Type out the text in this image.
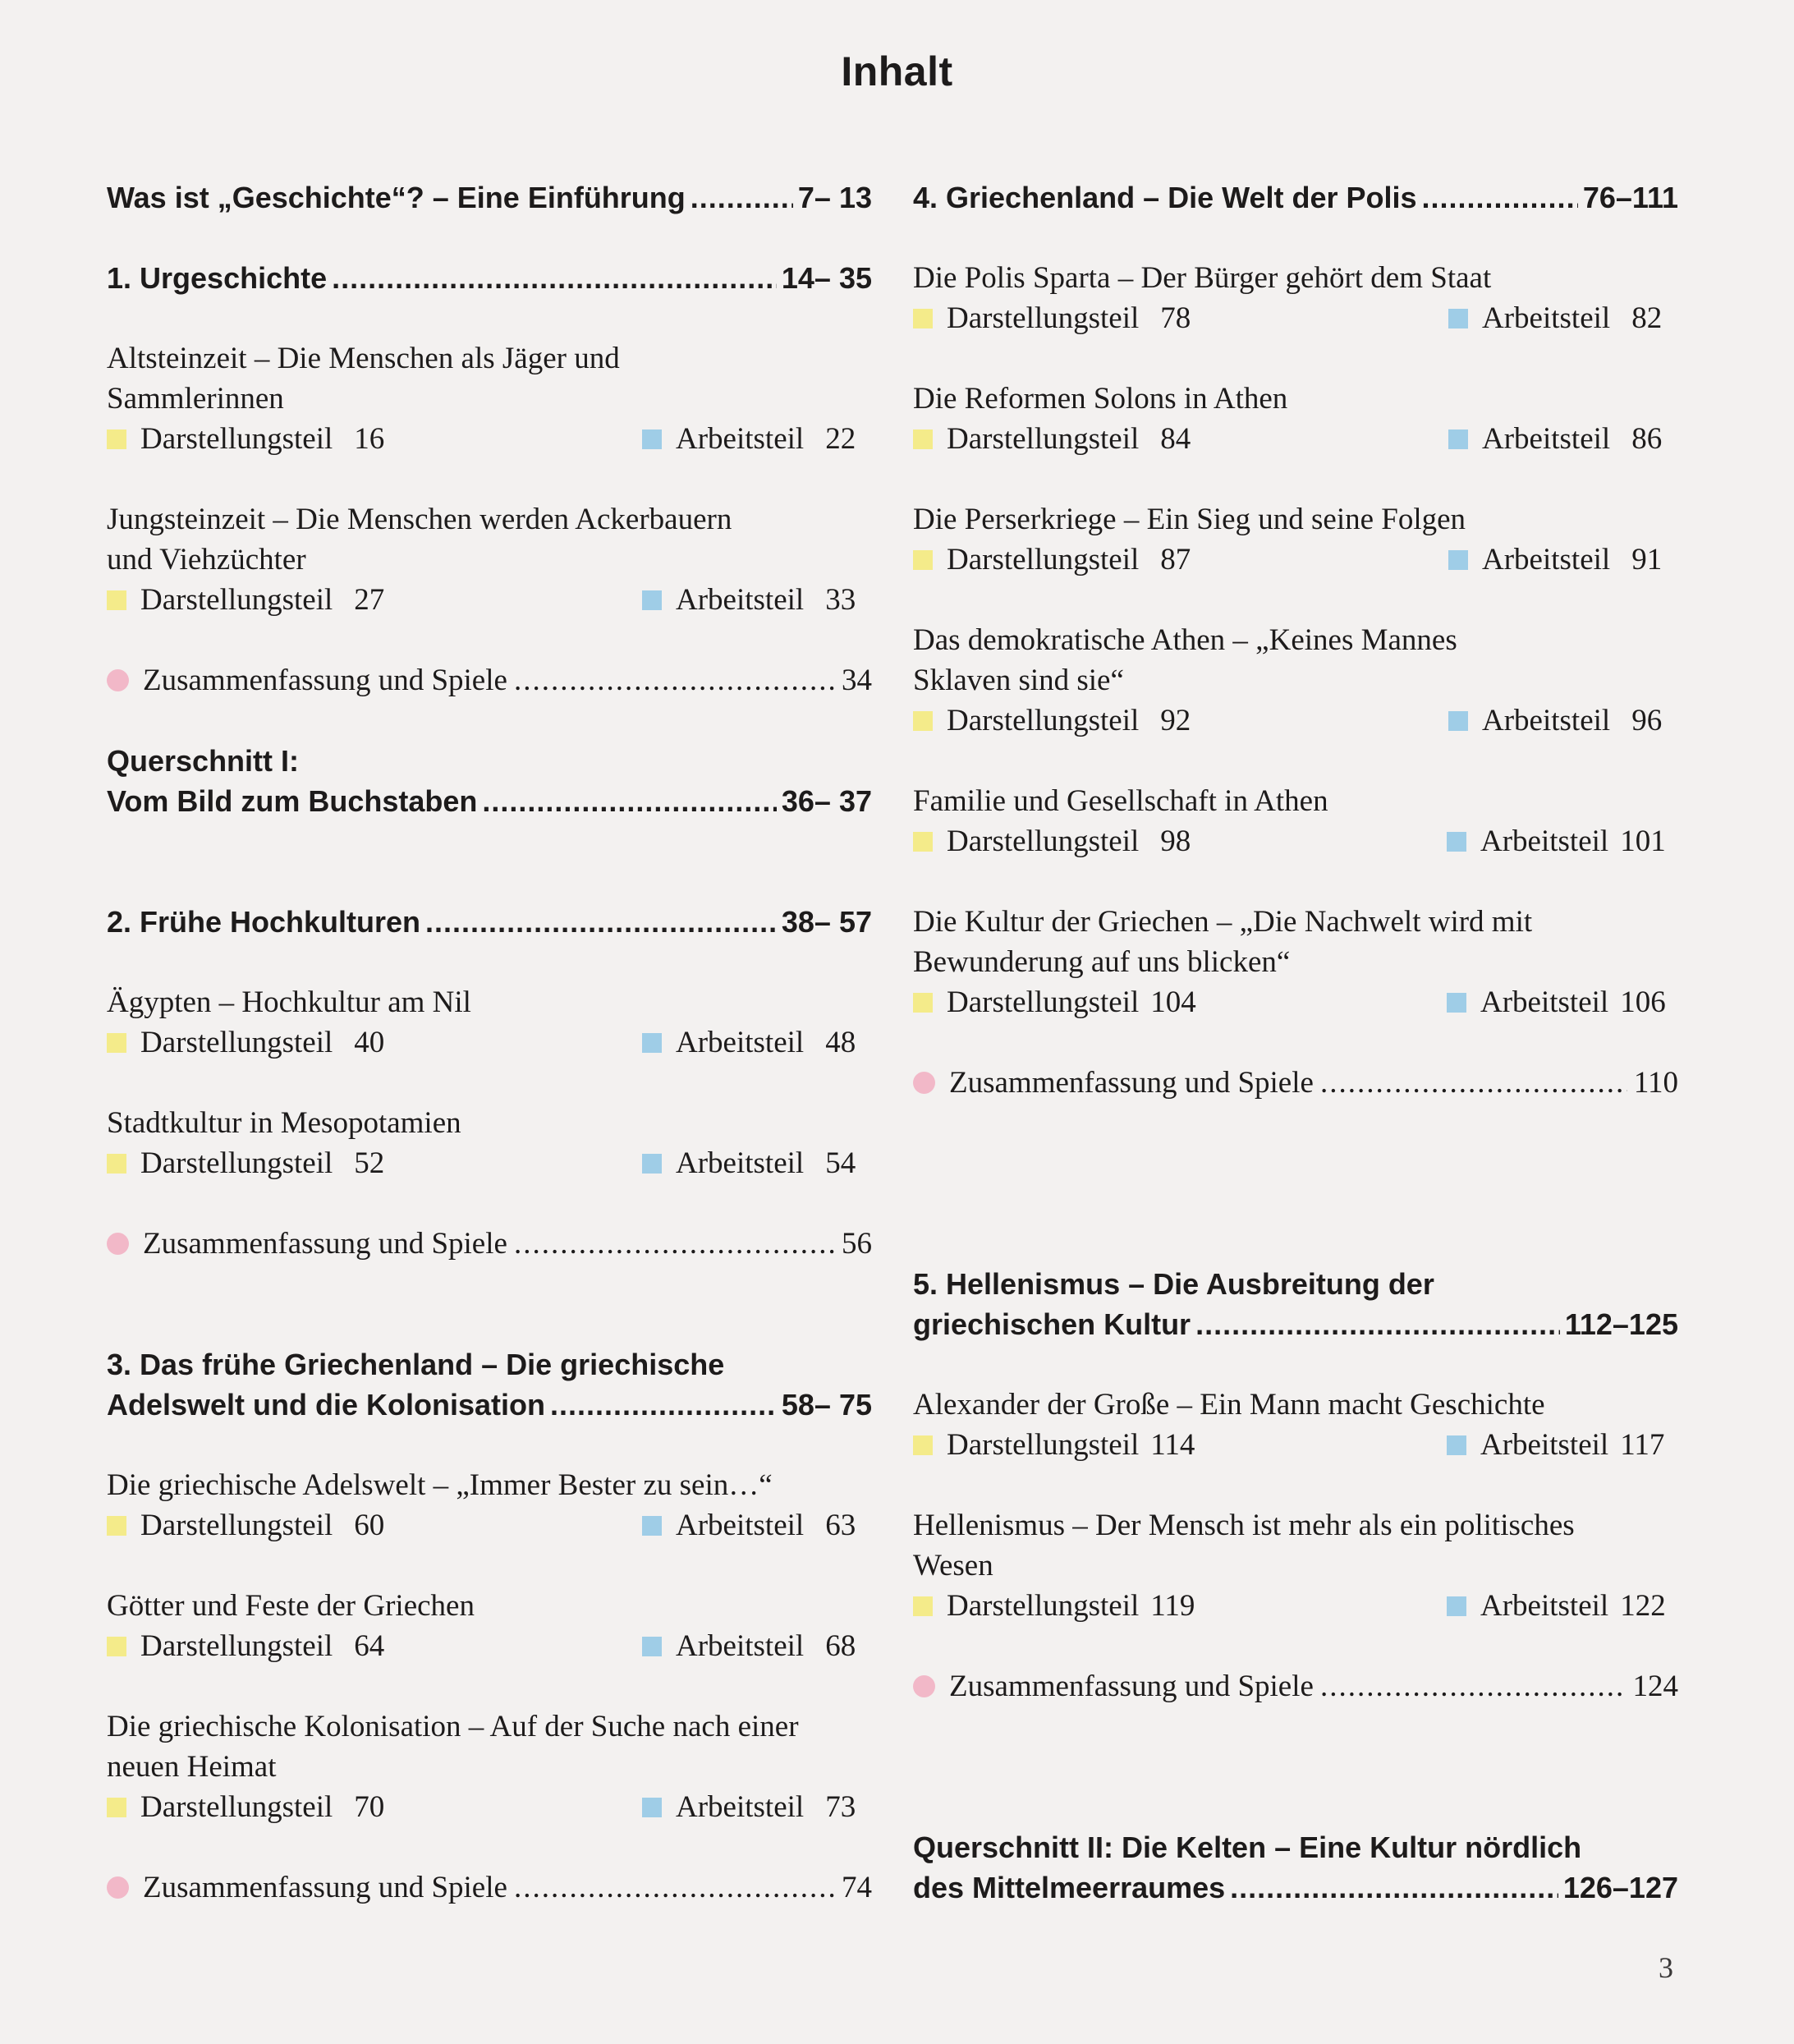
Inhalt
Was ist „Geschichte“? – Eine Einführung .....	7– 13
1. Urgeschichte .....	14– 35
Altsteinzeit – Die Menschen als Jäger und
Sammlerinnen
Darstellungsteil 16	Arbeitsteil 22
Jungsteinzeit – Die Menschen werden Ackerbauern
und Viehzüchter
Darstellungsteil 27	Arbeitsteil 33
Zusammenfassung und Spiele .....	34
Querschnitt I:
Vom Bild zum Buchstaben .....	36– 37
2. Frühe Hochkulturen .....	38– 57
Ägypten – Hochkultur am Nil
Darstellungsteil 40	Arbeitsteil 48
Stadtkultur in Mesopotamien
Darstellungsteil 52	Arbeitsteil 54
Zusammenfassung und Spiele .....	56
3. Das frühe Griechenland – Die griechische
Adelswelt und die Kolonisation .....	58– 75
Die griechische Adelswelt – „Immer Bester zu sein…“
Darstellungsteil 60	Arbeitsteil 63
Götter und Feste der Griechen
Darstellungsteil 64	Arbeitsteil 68
Die griechische Kolonisation – Auf der Suche nach einer
neuen Heimat
Darstellungsteil 70	Arbeitsteil 73
Zusammenfassung und Spiele .....	74
4. Griechenland – Die Welt der Polis .....	76–111
Die Polis Sparta – Der Bürger gehört dem Staat
Darstellungsteil 78	Arbeitsteil 82
Die Reformen Solons in Athen
Darstellungsteil 84	Arbeitsteil 86
Die Perserkriege – Ein Sieg und seine Folgen
Darstellungsteil 87	Arbeitsteil 91
Das demokratische Athen – „Keines Mannes
Sklaven sind sie“
Darstellungsteil 92	Arbeitsteil 96
Familie und Gesellschaft in Athen
Darstellungsteil 98	Arbeitsteil 101
Die Kultur der Griechen – „Die Nachwelt wird mit
Bewunderung auf uns blicken“
Darstellungsteil 104	Arbeitsteil 106
Zusammenfassung und Spiele .....	110
5. Hellenismus – Die Ausbreitung der
griechischen Kultur .....	112–125
Alexander der Große – Ein Mann macht Geschichte
Darstellungsteil 114	Arbeitsteil 117
Hellenismus – Der Mensch ist mehr als ein politisches
Wesen
Darstellungsteil 119	Arbeitsteil 122
Zusammenfassung und Spiele .....	124
Querschnitt II: Die Kelten – Eine Kultur nördlich
des Mittelmeerraumes .....	126–127
3
